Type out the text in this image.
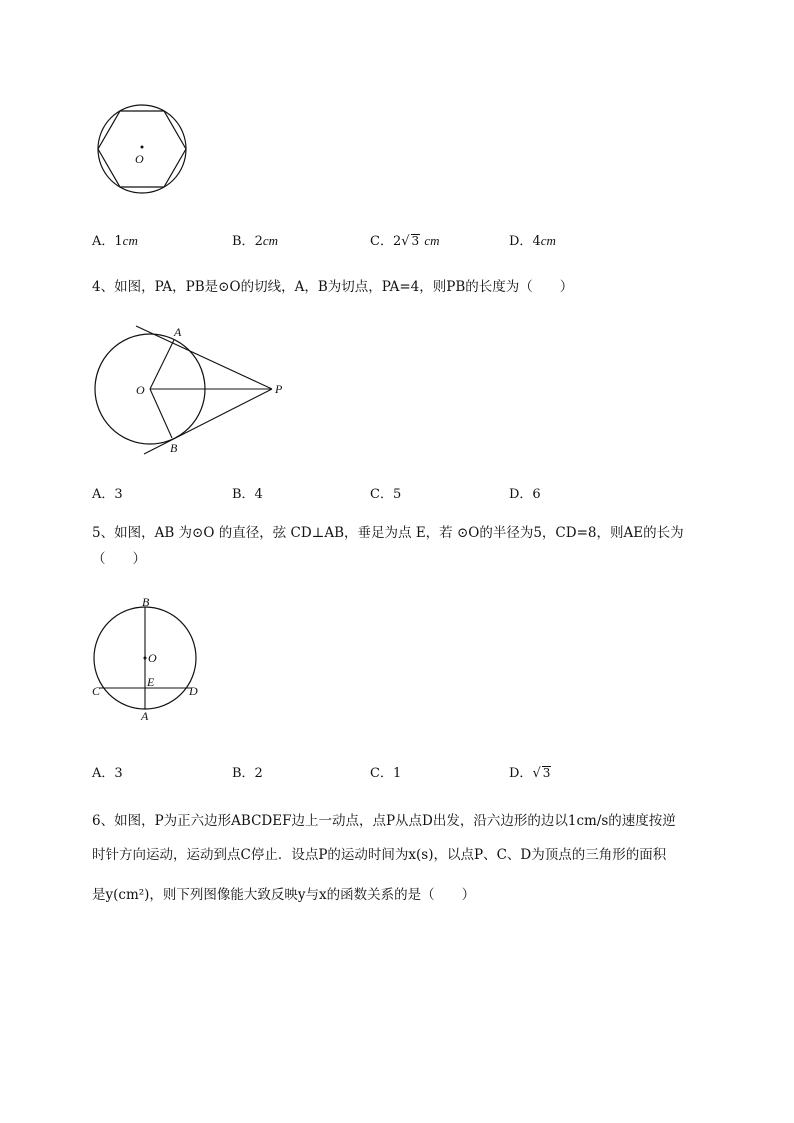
O
A．1cm	B．2cm	C．2√ 3 cm	D．4cm
4、如图，PA，PB是⊙O的切线，A，B为切点，PA=4，则PB的长度为（　　）
A
O	P
B
A．3	B．4	C．5	D．6
5、如图，AB 为⊙O 的直径，弦 CD⊥AB，垂足为点 E，若 ⊙O的半径为5，CD=8，则AE的长为
（　　）
B
O
C
E
D
A
A．3	B．2	C．1	D．√ 3
6、如图，P为正六边形ABCDEF边上一动点，点P从点D出发，沿六边形的边以1cm/s的速度按逆
时针方向运动，运动到点C停止．设点P的运动时间为x(s)，以点P、C、D为顶点的三角形的面积
是y(cm²)，则下列图像能大致反映y与x的函数关系的是（　　）
